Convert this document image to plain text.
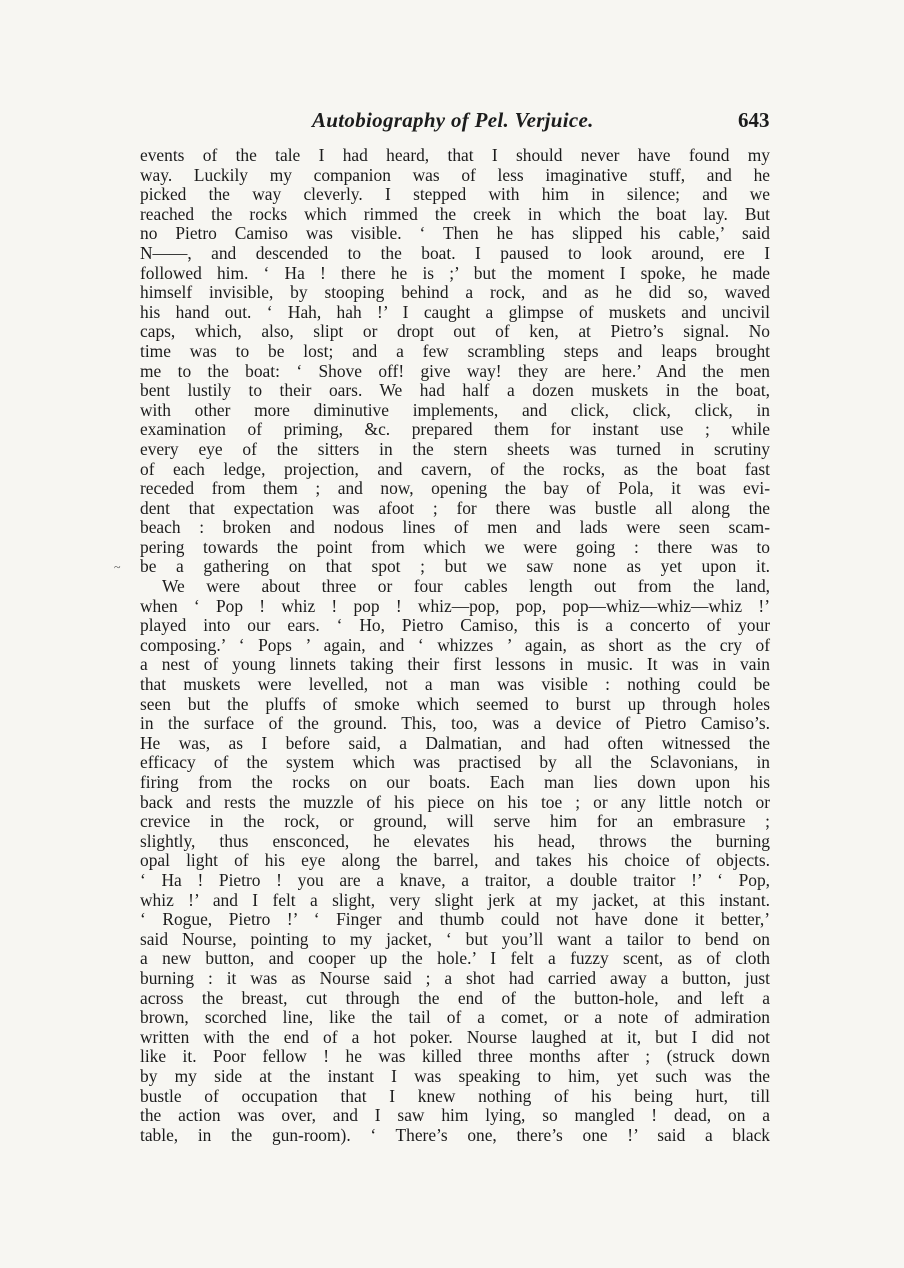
Autobiography of Pel. Verjuice.	643
~
events of the tale I had heard, that I should never have found my
way. Luckily my companion was of less imaginative stuff, and he
picked the way cleverly. I stepped with him in silence; and we
reached the rocks which rimmed the creek in which the boat lay. But
no Pietro Camiso was visible. ‘ Then he has slipped his cable,’ said
N——, and descended to the boat. I paused to look around, ere I
followed him. ‘ Ha ! there he is ;’ but the moment I spoke, he made
himself invisible, by stooping behind a rock, and as he did so, waved
his hand out. ‘ Hah, hah !’ I caught a glimpse of muskets and uncivil
caps, which, also, slipt or dropt out of ken, at Pietro’s signal. No
time was to be lost; and a few scrambling steps and leaps brought
me to the boat: ‘ Shove off! give way! they are here.’ And the men
bent lustily to their oars. We had half a dozen muskets in the boat,
with other more diminutive implements, and click, click, click, in
examination of priming, &c. prepared them for instant use ; while
every eye of the sitters in the stern sheets was turned in scrutiny
of each ledge, projection, and cavern, of the rocks, as the boat fast
receded from them ; and now, opening the bay of Pola, it was evi-
dent that expectation was afoot ; for there was bustle all along the
beach : broken and nodous lines of men and lads were seen scam-
pering towards the point from which we were going : there was to
be a gathering on that spot ; but we saw none as yet upon it.
We were about three or four cables length out from the land,
when ‘ Pop ! whiz ! pop ! whiz—pop, pop, pop—whiz—whiz—whiz !’
played into our ears. ‘ Ho, Pietro Camiso, this is a concerto of your
composing.’ ‘ Pops ’ again, and ‘ whizzes ’ again, as short as the cry of
a nest of young linnets taking their first lessons in music. It was in vain
that muskets were levelled, not a man was visible : nothing could be
seen but the pluffs of smoke which seemed to burst up through holes
in the surface of the ground. This, too, was a device of Pietro Camiso’s.
He was, as I before said, a Dalmatian, and had often witnessed the
efficacy of the system which was practised by all the Sclavonians, in
firing from the rocks on our boats. Each man lies down upon his
back and rests the muzzle of his piece on his toe ; or any little notch or
crevice in the rock, or ground, will serve him for an embrasure ;
slightly, thus ensconced, he elevates his head, throws the burning
opal light of his eye along the barrel, and takes his choice of objects.
‘ Ha ! Pietro ! you are a knave, a traitor, a double traitor !’ ‘ Pop,
whiz !’ and I felt a slight, very slight jerk at my jacket, at this instant.
‘ Rogue, Pietro !’ ‘ Finger and thumb could not have done it better,’
said Nourse, pointing to my jacket, ‘ but you’ll want a tailor to bend on
a new button, and cooper up the hole.’ I felt a fuzzy scent, as of cloth
burning : it was as Nourse said ; a shot had carried away a button, just
across the breast, cut through the end of the button-hole, and left a
brown, scorched line, like the tail of a comet, or a note of admiration
written with the end of a hot poker. Nourse laughed at it, but I did not
like it. Poor fellow ! he was killed three months after ; (struck down
by my side at the instant I was speaking to him, yet such was the
bustle of occupation that I knew nothing of his being hurt, till
the action was over, and I saw him lying, so mangled ! dead, on a
table, in the gun-room). ‘ There’s one, there’s one !’ said a black
